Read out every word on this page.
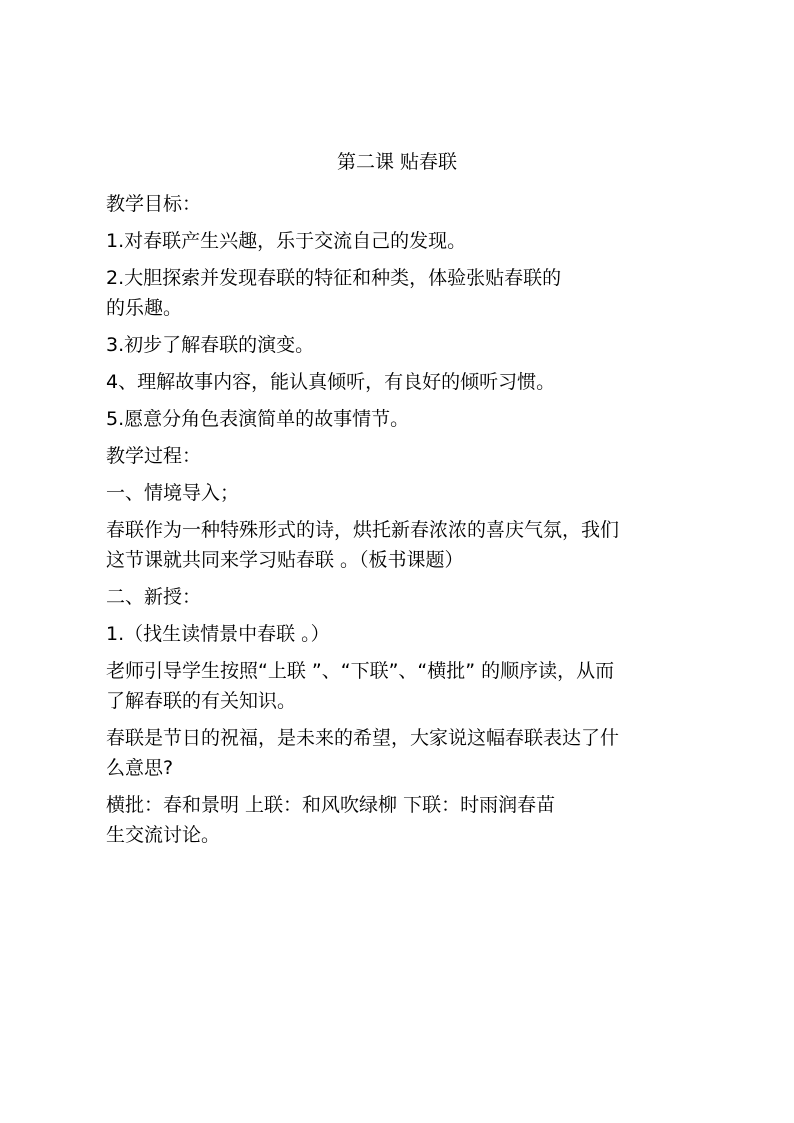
第二课 贴春联
教学目标：
1.对春联产生兴趣，乐于交流自己的发现。
2.大胆探索并发现春联的特征和种类，体验张贴春联的
的乐趣。
3.初步了解春联的演变。
4、理解故事内容，能认真倾听，有良好的倾听习惯。
5.愿意分角色表演简单的故事情节。
教学过程：
一、情境导入；
春联作为一种特殊形式的诗，烘托新春浓浓的喜庆气氛，我们
这节课就共同来学习贴春联 。（板书课题）
二、新授：
1.（找生读情景中春联 。）
老师引导学生按照“上联 ”、“下联”、“横批” 的顺序读，从而
了解春联的有关知识。
春联是节日的祝福，是未来的希望，大家说这幅春联表达了什
么意思?
横批：春和景明 上联：和风吹绿柳 下联：时雨润春苗
生交流讨论。
